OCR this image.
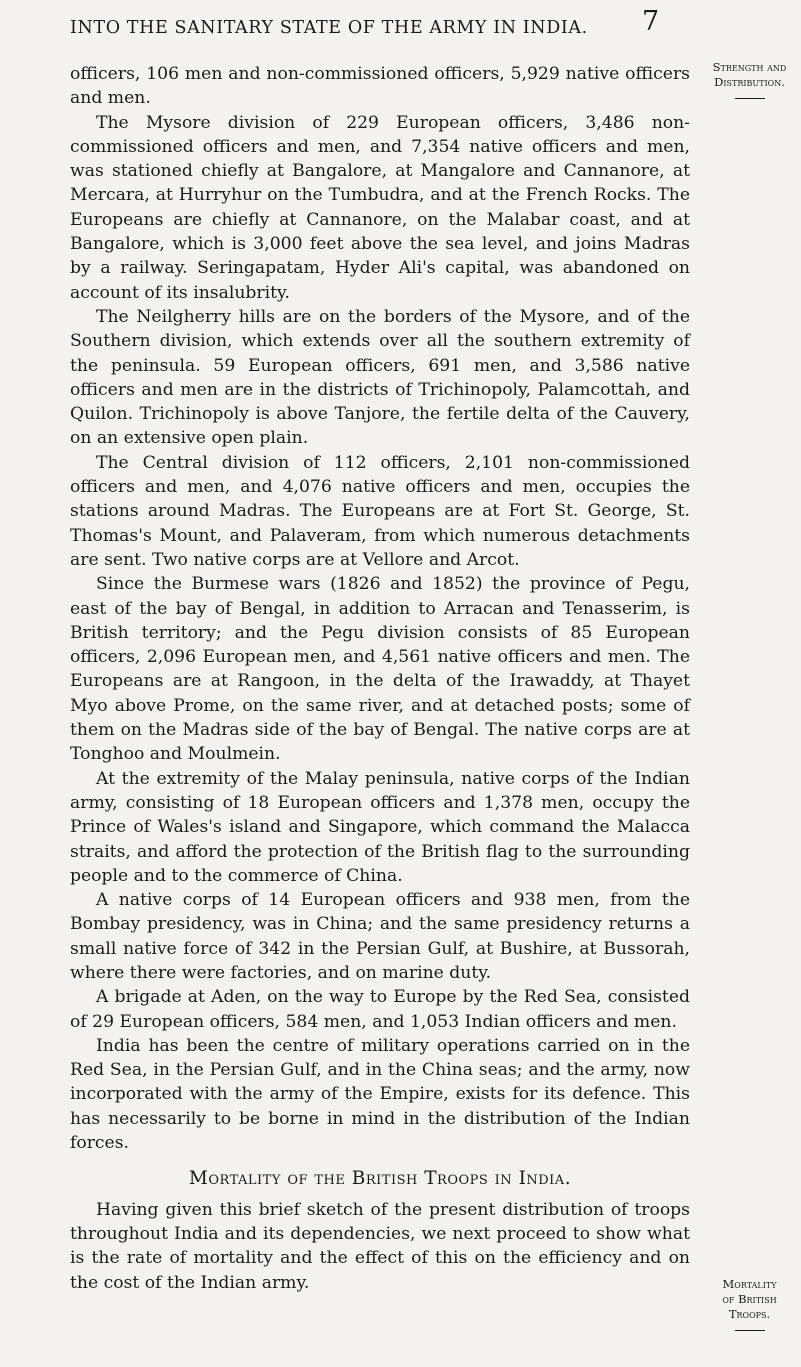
INTO THE SANITARY STATE OF THE ARMY IN INDIA.	7
Strength and
Distribution.
Mortality
of British
Troops.

officers, 106 men and non-commissioned officers, 5,929 native officers and men.

The Mysore division of 229 European officers, 3,486 non-commissioned officers and men, and 7,354 native officers and men, was stationed chiefly at Bangalore, at Mangalore and Cannanore, at Mercara, at Hurryhur on the Tumbudra, and at the French Rocks. The Europeans are chiefly at Cannanore, on the Malabar coast, and at Bangalore, which is 3,000 feet above the sea level, and joins Madras by a railway. Seringapatam, Hyder Ali's capital, was abandoned on account of its insalubrity.

The Neilgherry hills are on the borders of the Mysore, and of the Southern division, which extends over all the southern extremity of the peninsula. 59 European officers, 691 men, and 3,586 native officers and men are in the districts of Trichinopoly, Palamcottah, and Quilon. Trichinopoly is above Tanjore, the fertile delta of the Cauvery, on an extensive open plain.

The Central division of 112 officers, 2,101 non-commissioned officers and men, and 4,076 native officers and men, occupies the stations around Madras. The Europeans are at Fort St. George, St. Thomas's Mount, and Palaveram, from which numerous detachments are sent. Two native corps are at Vellore and Arcot.

Since the Burmese wars (1826 and 1852) the province of Pegu, east of the bay of Bengal, in addition to Arracan and Tenasserim, is British territory; and the Pegu division consists of 85 European officers, 2,096 European men, and 4,561 native officers and men. The Europeans are at Rangoon, in the delta of the Irawaddy, at Thayet Myo above Prome, on the same river, and at detached posts; some of them on the Madras side of the bay of Bengal. The native corps are at Tonghoo and Moulmein.

At the extremity of the Malay peninsula, native corps of the Indian army, consisting of 18 European officers and 1,378 men, occupy the Prince of Wales's island and Singapore, which command the Malacca straits, and afford the protection of the British flag to the surrounding people and to the commerce of China.

A native corps of 14 European officers and 938 men, from the Bombay presidency, was in China; and the same presidency returns a small native force of 342 in the Persian Gulf, at Bushire, at Bussorah, where there were factories, and on marine duty.

A brigade at Aden, on the way to Europe by the Red Sea, consisted of 29 European officers, 584 men, and 1,053 Indian officers and men.

India has been the centre of military operations carried on in the Red Sea, in the Persian Gulf, and in the China seas; and the army, now incorporated with the army of the Empire, exists for its defence. This has necessarily to be borne in mind in the distribution of the Indian forces.

Mortality of the British Troops in India.

Having given this brief sketch of the present distribution of troops throughout India and its dependencies, we next proceed to show what is the rate of mortality and the effect of this on the efficiency and on the cost of the Indian army.
